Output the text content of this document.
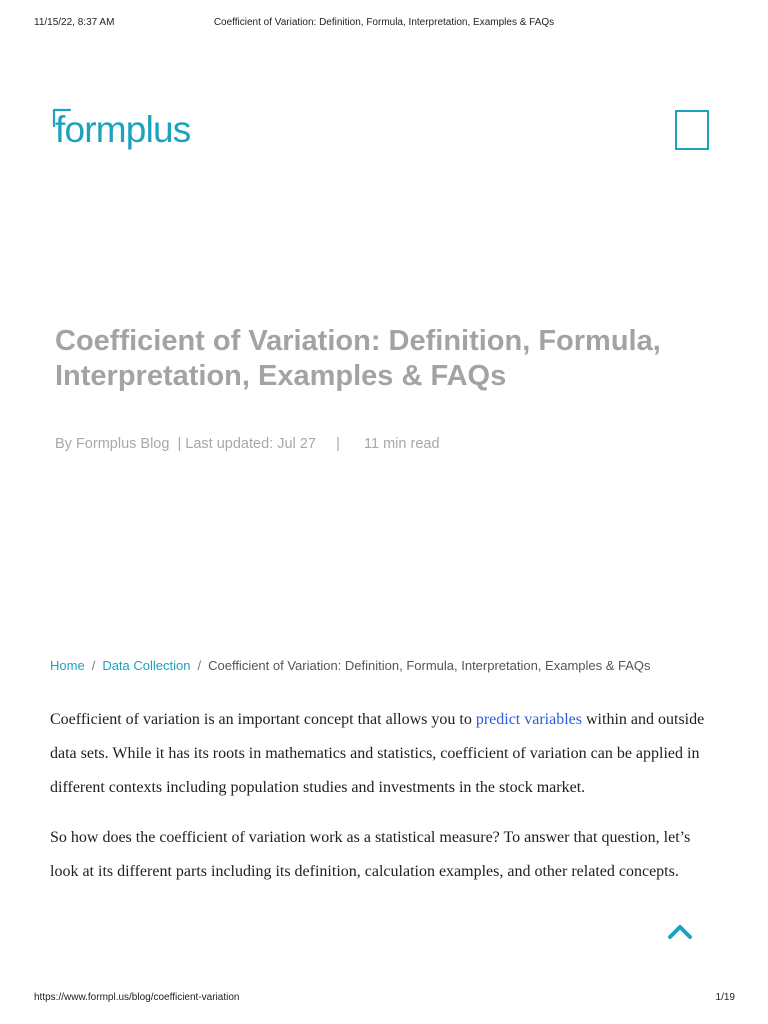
11/15/22, 8:37 AM	Coefficient of Variation: Definition, Formula, Interpretation, Examples & FAQs
formplus
Coefficient of Variation: Definition, Formula, Interpretation, Examples & FAQs
By Formplus Blog | Last updated: Jul 27 | 11 min read
Home / Data Collection / Coefficient of Variation: Definition, Formula, Interpretation, Examples & FAQs

Coefficient of variation is an important concept that allows you to predict variables within and outside data sets. While it has its roots in mathematics and statistics, coefficient of variation can be applied in different contexts including population studies and investments in the stock market.

So how does the coefficient of variation work as a statistical measure? To answer that question, let’s look at its different parts including its definition, calculation examples, and other related concepts.

https://www.formpl.us/blog/coefficient-variation	1/19
